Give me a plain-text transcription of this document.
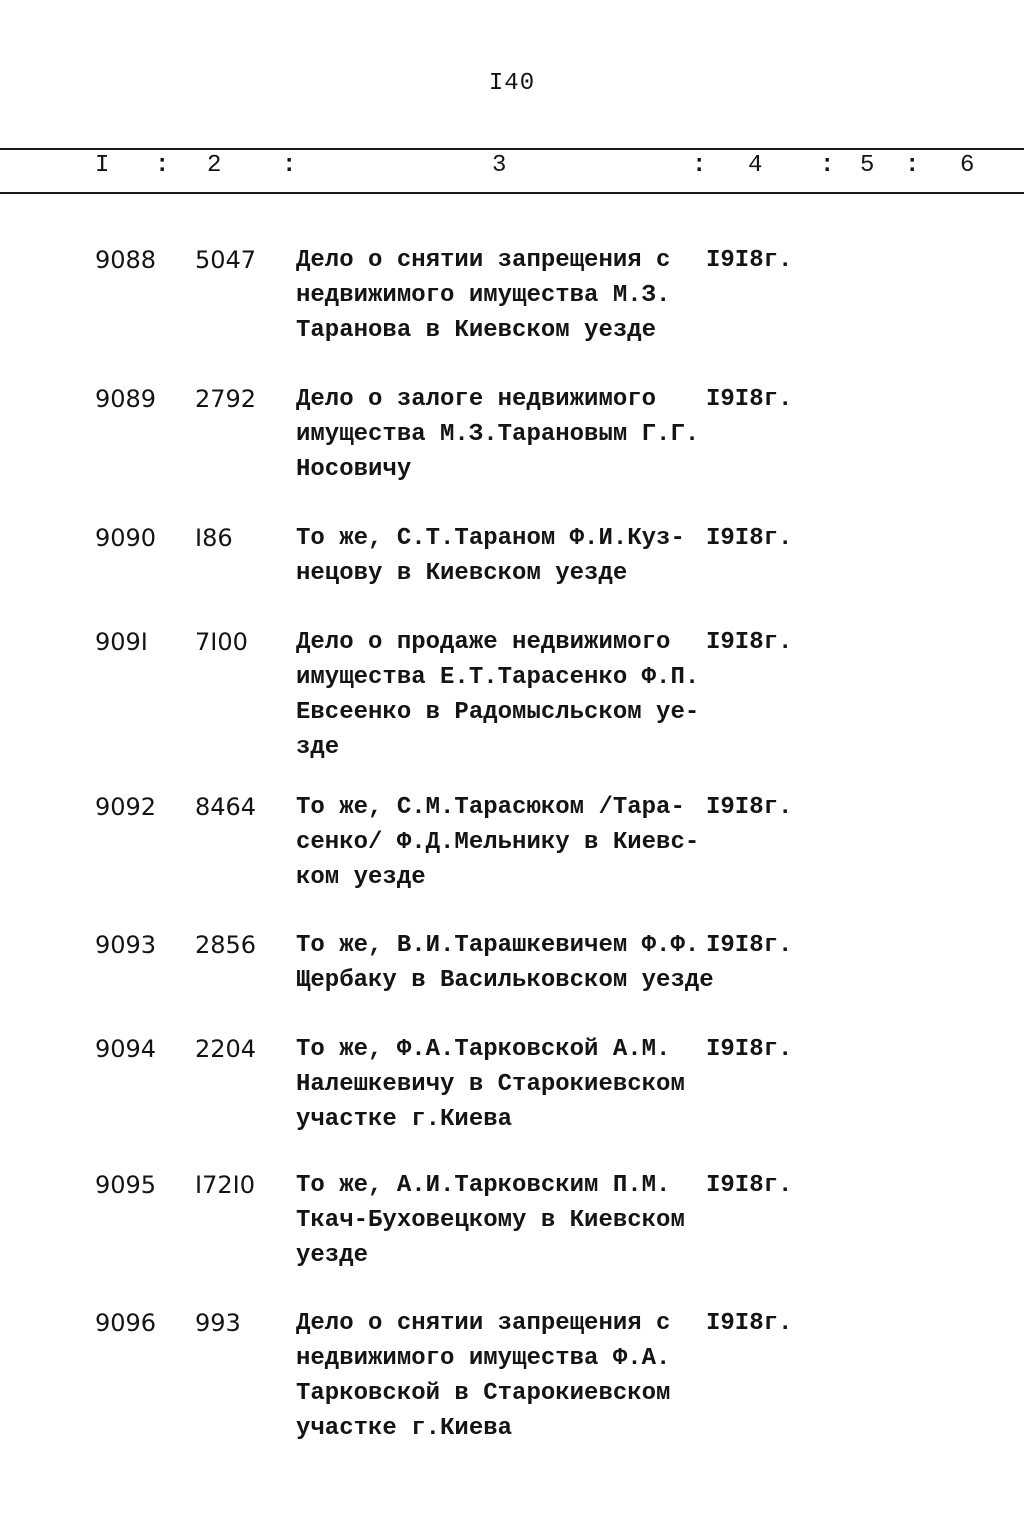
I40
I : 2	:	3	: 4 : 5 : 6
9088 5047 Дело о снятии запрещения с
недвижимого имущества М.З.
Таранова в Киевском уезде
I9I8г.
9089 2792 Дело о залоге недвижимого
имущества М.З.Тарановым Г.Г.
Носовичу
I9I8г.
9090 I86	То же, С.Т.Тараном Ф.И.Куз-
нецову в Киевском уезде
I9I8г.
909I 7I00 Дело о продаже недвижимого
имущества Е.Т.Тарасенко Ф.П.
Евсеенко в Радомысльском уе-
зде
I9I8г.
9092 8464 То же, С.М.Тарасюком /Тара-
сенко/ Ф.Д.Мельнику в Киевс-
ком уезде
I9I8г.
9093 2856 То же, В.И.Тарашкевичем Ф.Ф.
Щербаку в Васильковском уезде
I9I8г.
9094 2204 То же, Ф.А.Тарковской А.М.
Налешкевичу в Старокиевском
участке г.Киева
I9I8г.
9095 I72I0 То же, А.И.Тарковским П.М.
Ткач-Буховецкому в Киевском
уезде
I9I8г.
9096 993 Дело о снятии запрещения с
недвижимого имущества Ф.А.
Тарковской в Старокиевском
участке г.Киева
I9I8г.
